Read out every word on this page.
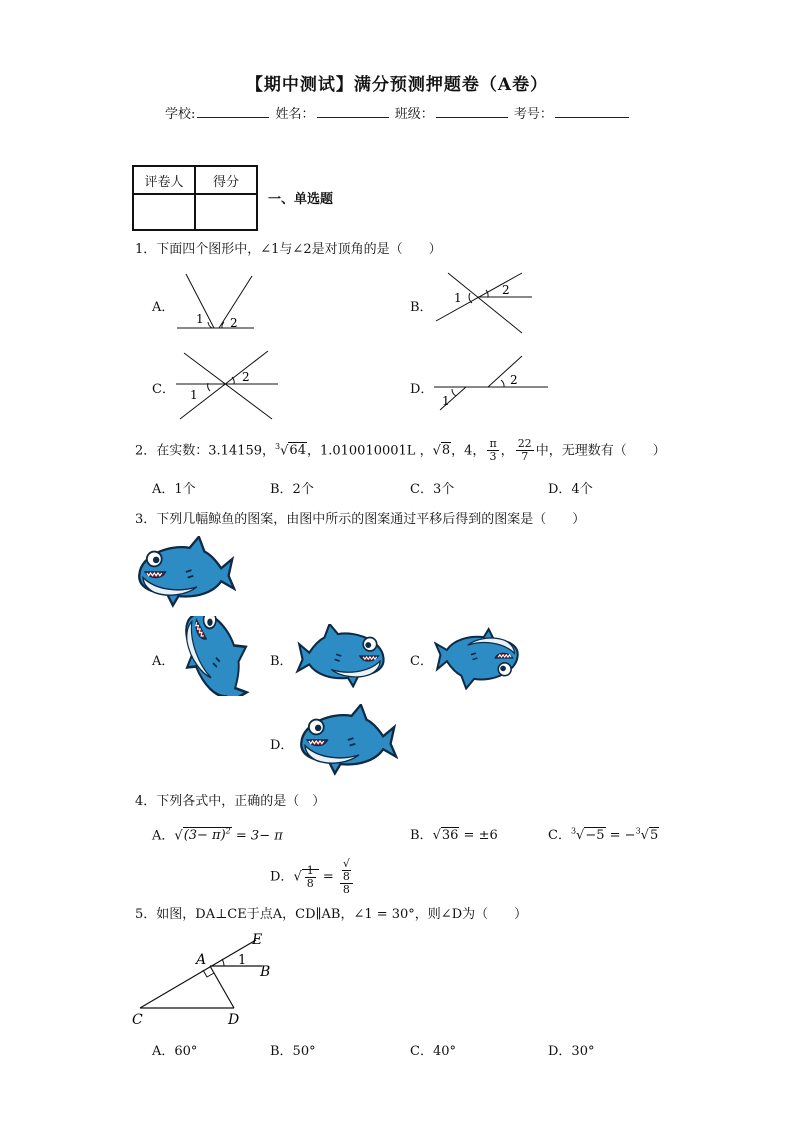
【期中测试】满分预测押题卷（A卷）
学校:	姓名：	班级：	考号：
评卷人	得分

一、单选题
1．下面四个图形中，∠1与∠2是对顶角的是（　　）
A．
1 2
B．
1
2
C． 1
2
D．
1
2
2．在实数：3.14159，$^3$√64，1.010010001L ，√8，4， $\frac{\pi}{3}$ ， $\frac{22}{7}$ 中，无理数有（　　）
A．1个	B．2个	C．3个	D．4个
3．下列几幅鲸鱼的图案，由图中所示的图案通过平移后得到的图案是（　　）
A．	B．	C．
D．
4．下列各式中，正确的是（　）
A．$√(3- \pi)^2 = 3- \pi$	B．√36 = ±6	C．$^3$√−5 = −$^3$√5
D．√ $\frac{1}{8}$ = √
8
8
5．如图，DA⊥CE于点A，CD∥AB，∠1 = 30°，则∠D为（　　）
E
A 1
B
C	D
A．60°	B．50°	C．40°	D．30°
